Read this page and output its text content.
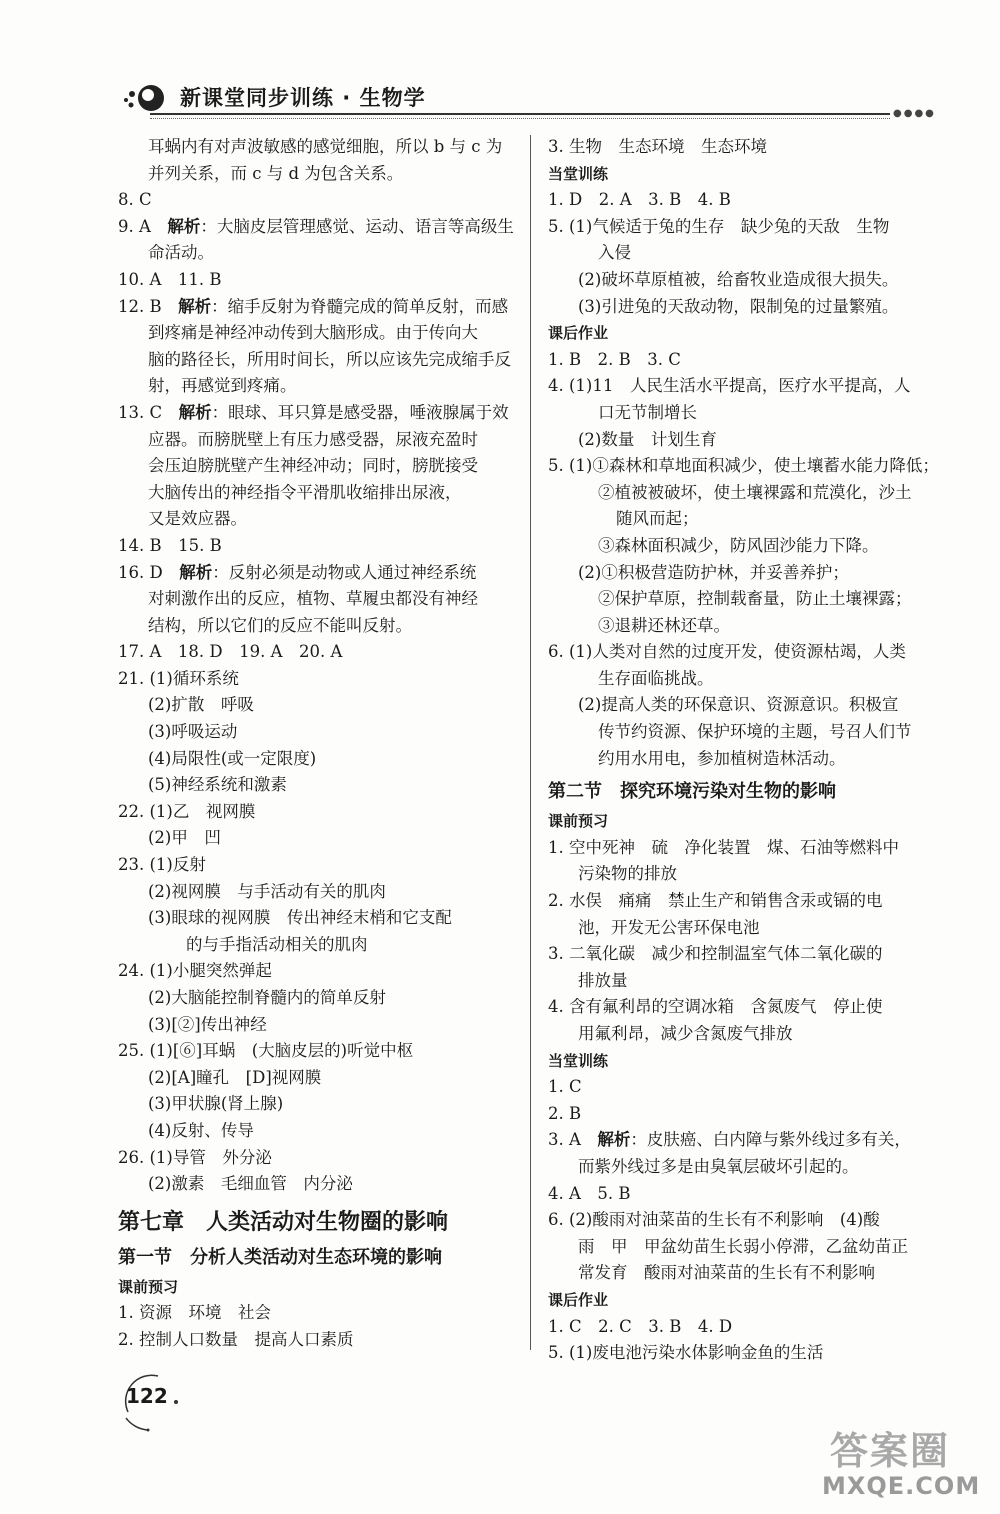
新课堂同步训练 · 生物学
●●●●
耳蜗内有对声波敏感的感觉细胞，所以 b 与 c 为
并列关系，而 c 与 d 为包含关系。
8. C
9. A　解析：大脑皮层管理感觉、运动、语言等高级生
命活动。
10. A　11. B
12. B　解析：缩手反射为脊髓完成的简单反射，而感
到疼痛是神经冲动传到大脑形成。由于传向大
脑的路径长，所用时间长，所以应该先完成缩手反
射，再感觉到疼痛。
13. C　解析：眼球、耳只算是感受器，唾液腺属于效
应器。而膀胱壁上有压力感受器，尿液充盈时
会压迫膀胱壁产生神经冲动；同时，膀胱接受
大脑传出的神经指令平滑肌收缩排出尿液，
又是效应器。
14. B　15. B
16. D　解析：反射必须是动物或人通过神经系统
对刺激作出的反应，植物、草履虫都没有神经
结构，所以它们的反应不能叫反射。
17. A　18. D　19. A　20. A
21. (1)循环系统
(2)扩散　呼吸
(3)呼吸运动
(4)局限性(或一定限度)
(5)神经系统和激素
22. (1)乙　视网膜
(2)甲　凹
23. (1)反射
(2)视网膜　与手活动有关的肌肉
(3)眼球的视网膜　传出神经末梢和它支配
的与手指活动相关的肌肉
24. (1)小腿突然弹起
(2)大脑能控制脊髓内的简单反射
(3)[②]传出神经
25. (1)[⑥]耳蜗　(大脑皮层的)听觉中枢
(2)[A]瞳孔　[D]视网膜
(3)甲状腺(肾上腺)
(4)反射、传导
26. (1)导管　外分泌
(2)激素　毛细血管　内分泌
第七章　人类活动对生物圈的影响
第一节　分析人类活动对生态环境的影响
课前预习
1. 资源　环境　社会
2. 控制人口数量　提高人口素质
3. 生物　生态环境　生态环境
当堂训练
1. D　2. A　3. B　4. B
5. (1)气候适于兔的生存　缺少兔的天敌　生物
入侵
(2)破坏草原植被，给畜牧业造成很大损失。
(3)引进兔的天敌动物，限制兔的过量繁殖。
课后作业
1. B　2. B　3. C
4. (1)11　人民生活水平提高，医疗水平提高，人
口无节制增长
(2)数量　计划生育
5. (1)①森林和草地面积减少，使土壤蓄水能力降低；
②植被被破坏，使土壤裸露和荒漠化，沙土
随风而起；
③森林面积减少，防风固沙能力下降。
(2)①积极营造防护林，并妥善养护；
②保护草原，控制载畜量，防止土壤裸露；
③退耕还林还草。
6. (1)人类对自然的过度开发，使资源枯竭，人类
生存面临挑战。
(2)提高人类的环保意识、资源意识。积极宣
传节约资源、保护环境的主题，号召人们节
约用水用电，参加植树造林活动。
第二节　探究环境污染对生物的影响
课前预习
1. 空中死神　硫　净化装置　煤、石油等燃料中
污染物的排放
2. 水俣　痛痛　禁止生产和销售含汞或镉的电
池，开发无公害环保电池
3. 二氧化碳　减少和控制温室气体二氧化碳的
排放量
4. 含有氟利昂的空调冰箱　含氮废气　停止使
用氟利昂，减少含氮废气排放
当堂训练
1. C
2. B
3. A　解析：皮肤癌、白内障与紫外线过多有关，
而紫外线过多是由臭氧层破坏引起的。
4. A　5. B
6. (2)酸雨对油菜苗的生长有不利影响　(4)酸
雨　甲　甲盆幼苗生长弱小停滞，乙盆幼苗正
常发育　酸雨对油菜苗的生长有不利影响
课后作业
1. C　2. C　3. B　4. D
5. (1)废电池污染水体影响金鱼的生活
122
答案圈
MXQE.COM
